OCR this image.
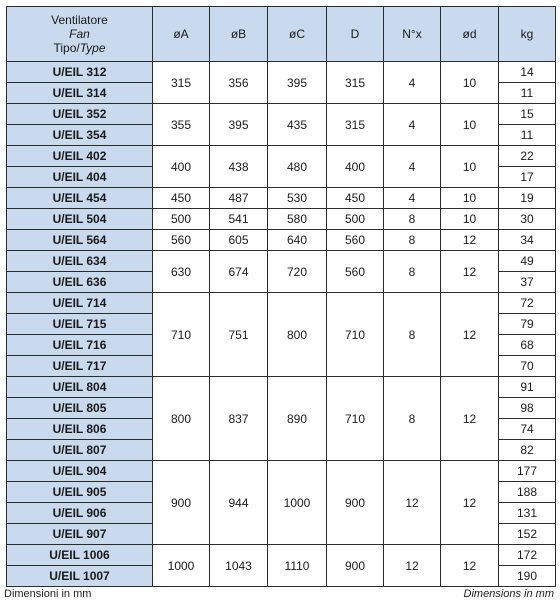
Ventilatore
Fan
Tipo/Type	øA	øB	øC	D	N°x	ød	kg
U/EIL 312	315	356	395	315	4	10	14
U/EIL 314							11
U/EIL 352	355	395	435	315	4	10	15
U/EIL 354							11
U/EIL 402	400	438	480	400	4	10	22
U/EIL 404							17
U/EIL 454	450	487	530	450	4	10	19
U/EIL 504	500	541	580	500	8	10	30
U/EIL 564	560	605	640	560	8	12	34
U/EIL 634	630	674	720	560	8	12	49
U/EIL 636							37
U/EIL 714	710	751	800	710	8	12	72
U/EIL 715							79
U/EIL 716							68
U/EIL 717							70
U/EIL 804	800	837	890	710	8	12	91
U/EIL 805							98
U/EIL 806							74
U/EIL 807							82
U/EIL 904	900	944	1000	900	12	12	177
U/EIL 905							188
U/EIL 906							131
U/EIL 907							152
U/EIL 1006	1000	1043	1110	900	12	12	172
U/EIL 1007							190
Dimensioni in mm	Dimensions in mm
